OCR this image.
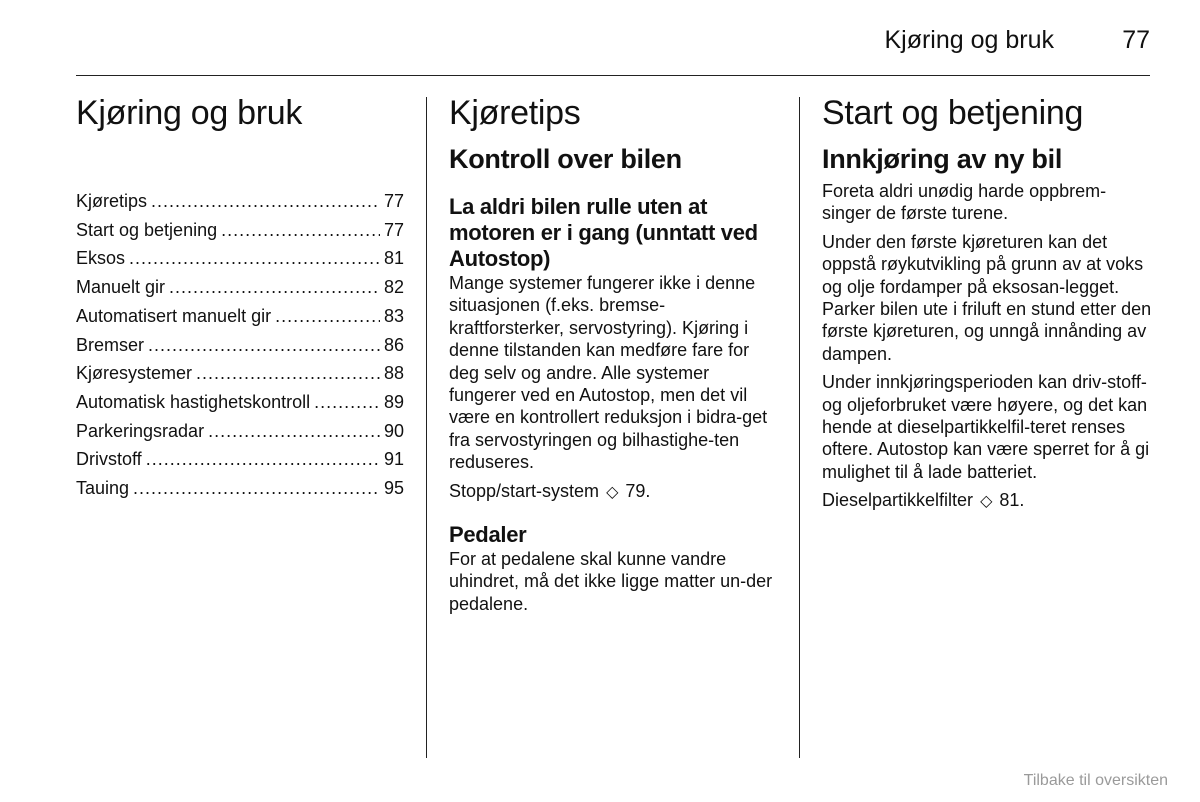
Kjøring og bruk	77
Kjøring og bruk
Kjøretips .....	77
Start og betjening .....	77
Eksos .....	81
Manuelt gir .....	82
Automatisert manuelt gir .....	83
Bremser .....	86
Kjøresystemer .....	88
Automatisk hastighetskontroll .....	89
Parkeringsradar .....	90
Drivstoff .....	91
Tauing .....	95
Kjøretips
Kontroll over bilen
La aldri bilen rulle uten at motoren er i gang (unntatt ved Autostop)

Mange systemer fungerer ikke i denne situasjonen (f.eks. bremse-kraftforsterker, servostyring). Kjøring i denne tilstanden kan medføre fare for deg selv og andre. Alle systemer fungerer ved en Autostop, men det vil være en kontrollert reduksjon i bidra-get fra servostyringen og bilhastighe-ten reduseres.

Stopp/start-system ◇ 79.

Pedaler

For at pedalene skal kunne vandre uhindret, må det ikke ligge matter un-der pedalene.

Start og betjening
Innkjøring av ny bil

Foreta aldri unødig harde oppbrem-singer de første turene.

Under den første kjøreturen kan det oppstå røykutvikling på grunn av at voks og olje fordamper på eksosan-legget. Parker bilen ute i friluft en stund etter den første kjøreturen, og unngå innånding av dampen.

Under innkjøringsperioden kan driv-stoff- og oljeforbruket være høyere, og det kan hende at dieselpartikkelfil-teret renses oftere. Autostop kan være sperret for å gi mulighet til å lade batteriet.

Dieselpartikkelfilter ◇ 81.

Tilbake til oversikten
